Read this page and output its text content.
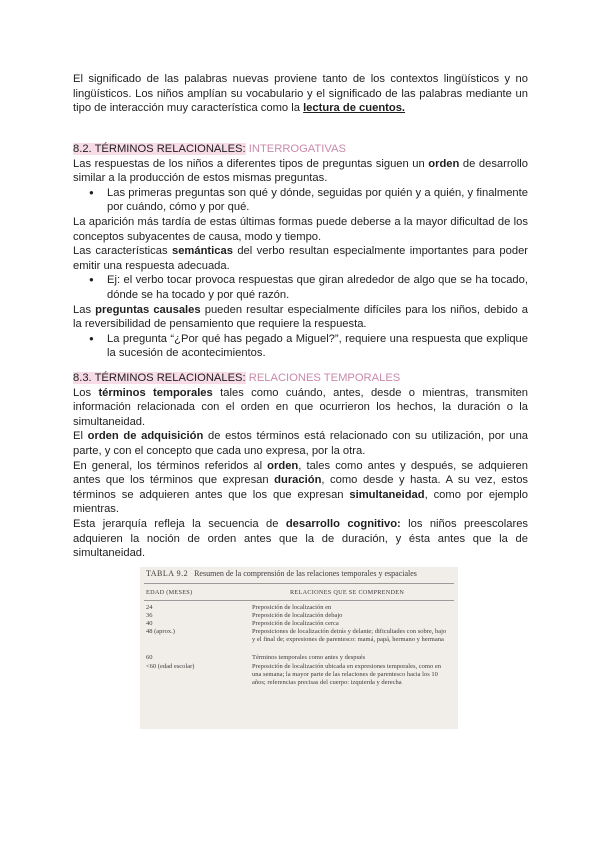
El significado de las palabras nuevas proviene tanto de los contextos lingüísticos y no lingüísticos. Los niños amplían su vocabulario y el significado de las palabras mediante un tipo de interacción muy característica como la lectura de cuentos.

8.2. TÉRMINOS RELACIONALES: INTERROGATIVAS

Las respuestas de los niños a diferentes tipos de preguntas siguen un orden de desarrollo similar a la producción de estos mismas preguntas.

● Las primeras preguntas son qué y dónde, seguidas por quién y a quién, y finalmente por cuándo, cómo y por qué.

La aparición más tardía de estas últimas formas puede deberse a la mayor dificultad de los conceptos subyacentes de causa, modo y tiempo.

Las características semánticas del verbo resultan especialmente importantes para poder emitir una respuesta adecuada.

● Ej: el verbo tocar provoca respuestas que giran alrededor de algo que se ha tocado, dónde se ha tocado y por qué razón.

Las preguntas causales pueden resultar especialmente difíciles para los niños, debido a la reversibilidad de pensamiento que requiere la respuesta.

● La pregunta “¿Por qué has pegado a Miguel?”, requiere una respuesta que explique la sucesión de acontecimientos.

8.3. TÉRMINOS RELACIONALES: RELACIONES TEMPORALES

Los términos temporales tales como cuándo, antes, desde o mientras, transmiten información relacionada con el orden en que ocurrieron los hechos, la duración o la simultaneidad.

El orden de adquisición de estos términos está relacionado con su utilización, por una parte, y con el concepto que cada uno expresa, por la otra.

En general, los términos referidos al orden, tales como antes y después, se adquieren antes que los términos que expresan duración, como desde y hasta. A su vez, estos términos se adquieren antes que los que expresan simultaneidad, como por ejemplo mientras.

Esta jerarquía refleja la secuencia de desarrollo cognitivo: los niños preescolares adquieren la noción de orden antes que la de duración, y ésta antes que la de simultaneidad.

TABLA 9.2 Resumen de la comprensión de las relaciones temporales y espaciales
EDAD (MESES)	RELACIONES QUE SE COMPRENDEN
24	Preposición de localización en
36	Preposición de localización debajo
40	Preposición de localización cerca
48 (aprox.)	Preposiciones de localización detrás y delante; dificultades con sobre, bajo y el final de; expresiones de parentesco: mamá, papá, hermano y hermana
60	Términos temporales como antes y después
<60 (edad escolar)	Preposición de localización ubicada en expresiones temporales, como en una semana; la mayor parte de las relaciones de parentesco hacia los 10 años; referencias precisas del cuerpo: izquierda y derecha
